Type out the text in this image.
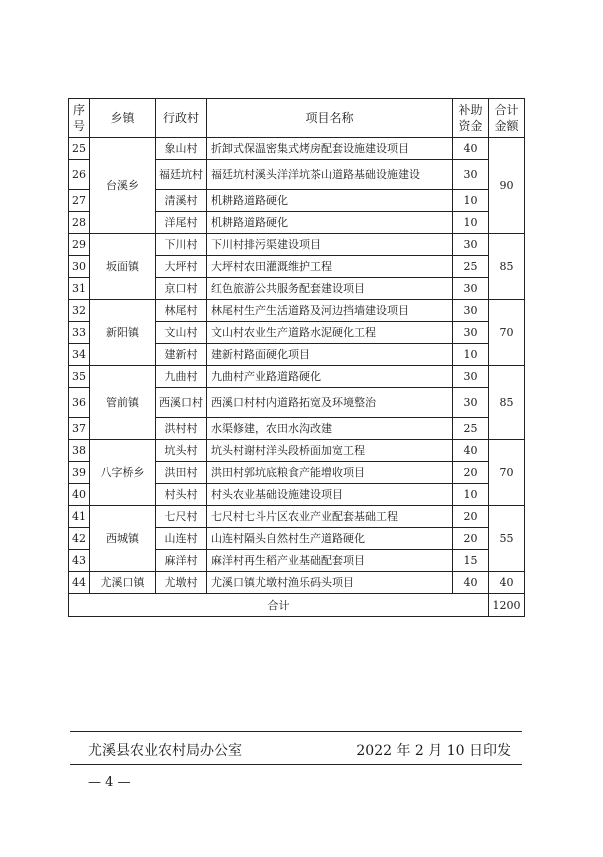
序号	乡镇	行政村	项目名称	补助资金	合计金额
25	台溪乡	象山村	折卸式保温密集式烤房配套设施建设项目	40	90
26		福廷坑村	福廷坑村溪头洋洋坑茶山道路基础设施建设	30	
27		清溪村	机耕路道路硬化	10	
28		洋尾村	机耕路道路硬化	10	
29	坂面镇	下川村	下川村排污渠建设项目	30	85
30		大坪村	大坪村农田灌溉维护工程	25	
31		京口村	红色旅游公共服务配套建设项目	30	
32	新阳镇	林尾村	林尾村生产生活道路及河边挡墙建设项目	30	70
33		文山村	文山村农业生产道路水泥硬化工程	30	
34		建新村	建新村路面硬化项目	10	
35	管前镇	九曲村	九曲村产业路道路硬化	30	85
36		西溪口村	西溪口村村内道路拓宽及环境整治	30	
37		洪村村	水渠修建，农田水沟改建	25	
38	八字桥乡	坑头村	坑头村谢村洋头段桥面加宽工程	40	70
39		洪田村	洪田村郭坑底粮食产能增收项目	20	
40		村头村	村头农业基础设施建设项目	10	
41	西城镇	七尺村	七尺村七斗片区农业产业配套基础工程	20	55
42		山连村	山连村隔头自然村生产道路硬化	20	
43		麻洋村	麻洋村再生稻产业基础配套项目	15	
44	尤溪口镇	尤墩村	尤溪口镇尤墩村渔乐码头项目	40	40
合计					1200
尤溪县农业农村局办公室	2022 年 2 月 10 日印发
— 4 —
